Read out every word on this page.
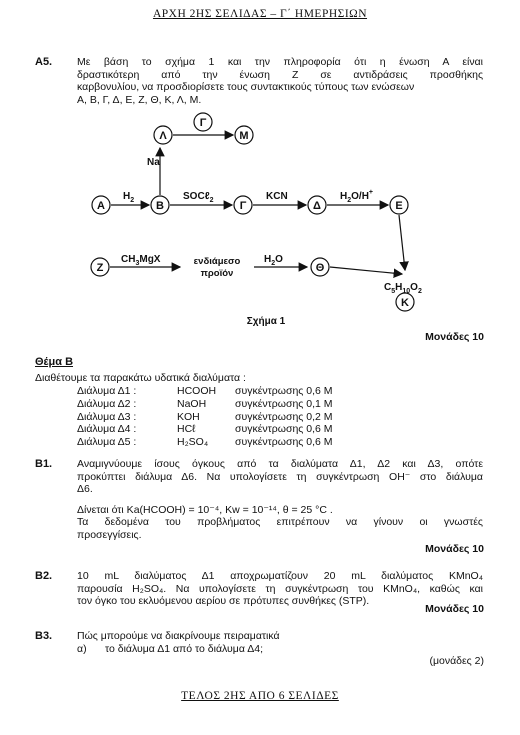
ΑΡΧΗ 2ΗΣ ΣΕΛΙΔΑΣ – Γ΄ ΗΜΕΡΗΣΙΩΝ
Α5. Με βάση το σχήμα 1 και την πληροφορία ότι η ένωση Α είναι
δραστικότερη από την ένωση Ζ σε αντιδράσεις προσθήκης
καρβονυλίου, να προσδιορίσετε τους συντακτικούς τύπους των ενώσεων
Α, Β, Γ, Δ, Ε, Ζ, Θ, Κ, Λ, Μ.
Λ	Μ
Γ
Α	Β	Γ	Δ	Ε
Ζ	Θ
Κ
Na
$H_2$	SOCℓ$_2$	KCN	$H_2O/H^+$
$CH_3MgX$	$H_2O$
$C_5H_{10}O_2$
ενδιάμεσο
προϊόν
Σχήμα 1
Μονάδες 10
Θέμα Β
Διαθέτουμε τα παρακάτω υδατικά διαλύματα :
Διάλυμα Δ1 :	HCOOH συγκέντρωσης 0,6 Μ
Διάλυμα Δ2 :	NaOH	συγκέντρωσης 0,1 Μ
Διάλυμα Δ3 :	KOH	συγκέντρωσης 0,2 Μ
Διάλυμα Δ4 :	HCℓ	συγκέντρωσης 0,6 Μ
Διάλυμα Δ5 :	H₂SO₄	συγκέντρωσης 0,6 Μ
Β1. Αναμιγνύουμε ίσους όγκους από τα διαλύματα Δ1, Δ2 και Δ3, οπότε
προκύπτει διάλυμα Δ6. Να υπολογίσετε τη συγκέντρωση OH⁻ στο διάλυμα
Δ6.
Δίνεται ότι Ka(HCOOH) = 10⁻⁴, Kw = 10⁻¹⁴, θ = 25 °C .
Τα δεδομένα του προβλήματος επιτρέπουν να γίνουν οι γνωστές
προσεγγίσεις.
Μονάδες 10
Β2. 10 mL διαλύματος Δ1 αποχρωματίζουν 20 mL διαλύματος KMnO₄
παρουσία H₂SO₄. Να υπολογίσετε τη συγκέντρωση του KMnO₄, καθώς και
τον όγκο του εκλυόμενου αερίου σε πρότυπες συνθήκες (STP).
Μονάδες 10
Β3. Πώς μπορούμε να διακρίνουμε πειραματικά
α) το διάλυμα Δ1 από το διάλυμα Δ4;
(μονάδες 2)
ΤΕΛΟΣ 2ΗΣ ΑΠΟ 6 ΣΕΛΙΔΕΣ
